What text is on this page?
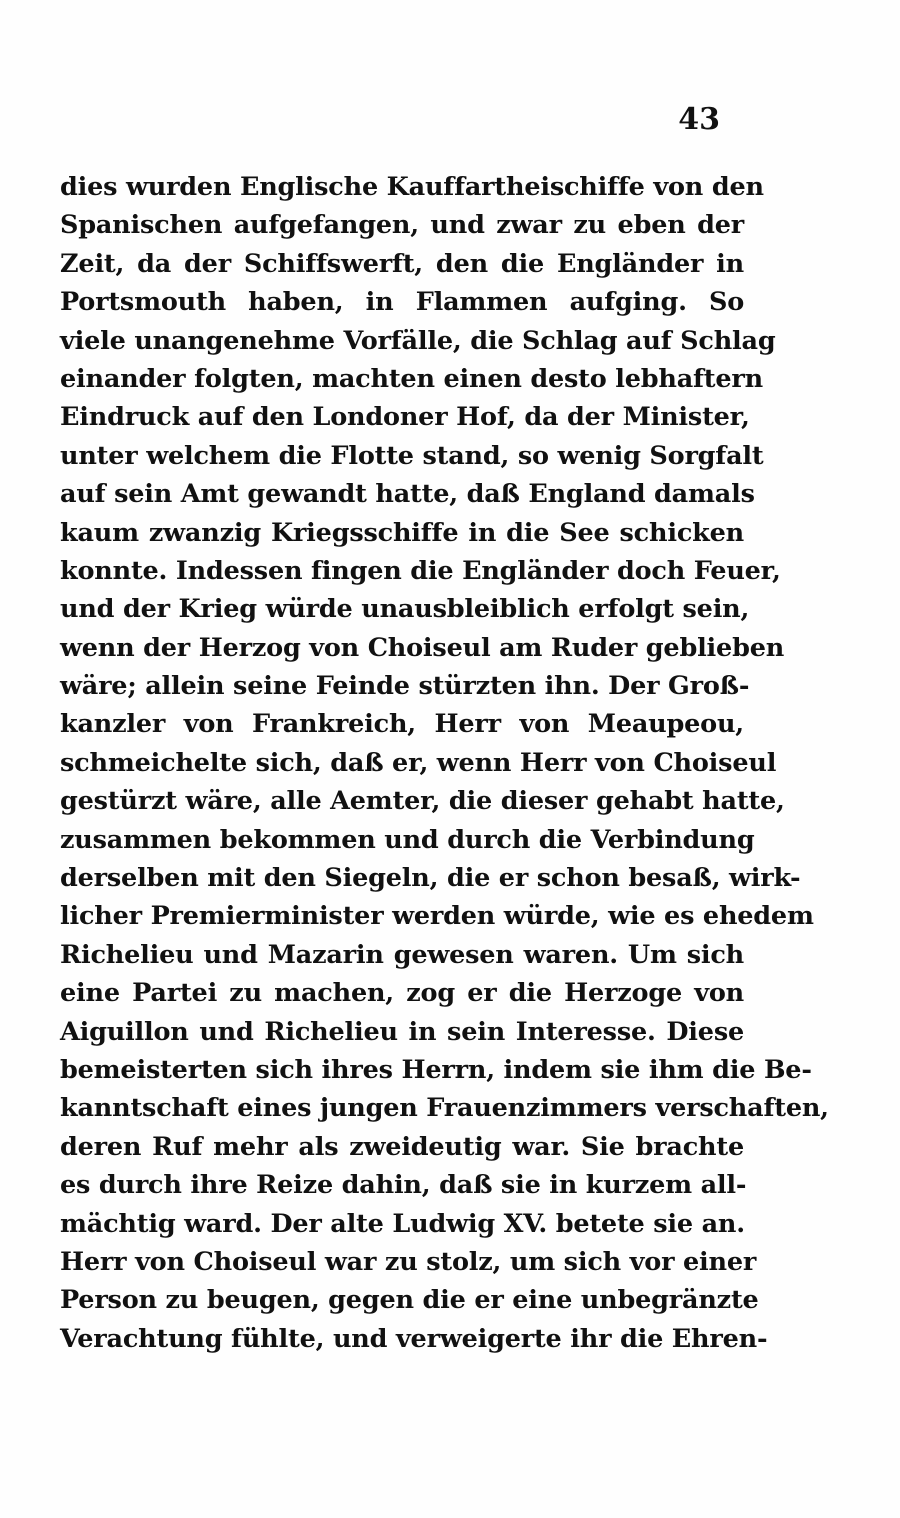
43
dies wurden Englische Kauffartheischiffe von den
Spanischen aufgefangen, und zwar zu eben der
Zeit, da der Schiffswerft, den die Engländer in
Portsmouth haben, in Flammen aufging. So
viele unangenehme Vorfälle, die Schlag auf Schlag
einander folgten, machten einen desto lebhaftern
Eindruck auf den Londoner Hof, da der Minister,
unter welchem die Flotte stand, so wenig Sorgfalt
auf sein Amt gewandt hatte, daß England damals
kaum zwanzig Kriegsschiffe in die See schicken
konnte. Indessen fingen die Engländer doch Feuer,
und der Krieg würde unausbleiblich erfolgt sein,
wenn der Herzog von Choiseul am Ruder geblieben
wäre; allein seine Feinde stürzten ihn. Der Groß-
kanzler von Frankreich, Herr von Meaupeou,
schmeichelte sich, daß er, wenn Herr von Choiseul
gestürzt wäre, alle Aemter, die dieser gehabt hatte,
zusammen bekommen und durch die Verbindung
derselben mit den Siegeln, die er schon besaß, wirk-
licher Premierminister werden würde, wie es ehedem
Richelieu und Mazarin gewesen waren. Um sich
eine Partei zu machen, zog er die Herzoge von
Aiguillon und Richelieu in sein Interesse. Diese
bemeisterten sich ihres Herrn, indem sie ihm die Be-
kanntschaft eines jungen Frauenzimmers verschaften,
deren Ruf mehr als zweideutig war. Sie brachte
es durch ihre Reize dahin, daß sie in kurzem all-
mächtig ward. Der alte Ludwig XV. betete sie an.
Herr von Choiseul war zu stolz, um sich vor einer
Person zu beugen, gegen die er eine unbegränzte
Verachtung fühlte, und verweigerte ihr die Ehren-
